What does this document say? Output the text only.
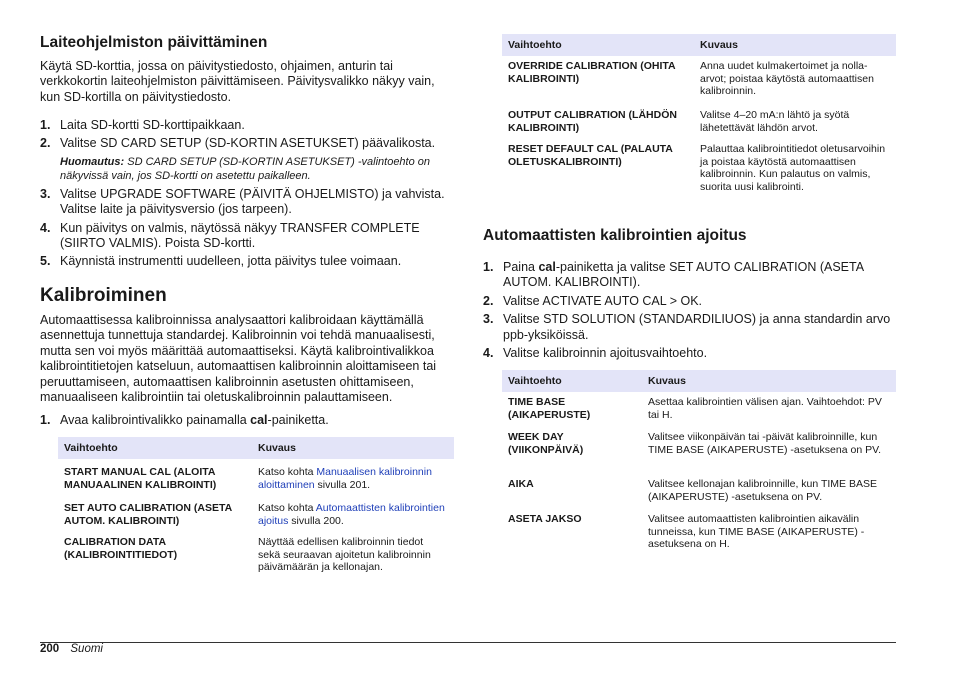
Laiteohjelmiston päivittäminen

Käytä SD-korttia, jossa on päivitystiedosto, ohjaimen, anturin tai verkkokortin laiteohjelmiston päivittämiseen. Päivitysvalikko näkyy vain, kun SD-kortilla on päivitystiedosto.

1. Laita SD-kortti SD-korttipaikkaan.
2. Valitse SD CARD SETUP (SD-KORTIN ASETUKSET) päävalikosta.
Huomautus: SD CARD SETUP (SD-KORTIN ASETUKSET) -valintoehto on näkyvissä vain, jos SD-kortti on asetettu paikalleen.
3. Valitse UPGRADE SOFTWARE (PÄIVITÄ OHJELMISTO) ja vahvista. Valitse laite ja päivitysversio (jos tarpeen).
4. Kun päivitys on valmis, näytössä näkyy TRANSFER COMPLETE (SIIRTO VALMIS). Poista SD-kortti.
5. Käynnistä instrumentti uudelleen, jotta päivitys tulee voimaan.
Kalibroiminen

Automaattisessa kalibroinnissa analysaattori kalibroidaan käyttämällä asennettuja tunnettuja standardej. Kalibroinnin voi tehdä manuaalisesti, mutta sen voi myös määrittää automaattiseksi. Käytä kalibrointivalikkoa kalibrointitietojen katseluun, automaattisen kalibroinnin aloittamiseen tai peruuttamiseen, automaattisen kalibroinnin asetusten ohittamiseen, manuaaliseen kalibrointiin tai oletuskalibroinnin palauttamiseen.

1. Avaa kalibrointivalikko painamalla cal-painiketta.
Vaihtoehto	Kuvaus
START MANUAL CAL (ALOITA MANUAALINEN KALIBROINTI)	Katso kohta Manuaalisen kalibroinnin aloittaminen sivulla 201.
SET AUTO CALIBRATION (ASETA AUTOM. KALIBROINTI)	Katso kohta Automaattisten kalibrointien ajoitus sivulla 200.
CALIBRATION DATA (KALIBROINTITIEDOT)	Näyttää edellisen kalibroinnin tiedot sekä seuraavan ajoitetun kalibroinnin päivämäärän ja kellonajan.
Vaihtoehto	Kuvaus
OVERRIDE CALIBRATION (OHITA KALIBROINTI)	Anna uudet kulmakertoimet ja nolla-arvot; poistaa käytöstä automaattisen kalibroinnin.
OUTPUT CALIBRATION (LÄHDÖN KALIBROINTI)	Valitse 4–20 mA:n lähtö ja syötä lähetettävät lähdön arvot.
RESET DEFAULT CAL (PALAUTA OLETUSKALIBROINTI)	Palauttaa kalibrointitiedot oletusarvoihin ja poistaa käytöstä automaattisen kalibroinnin. Kun palautus on valmis, suorita uusi kalibrointi.
Automaattisten kalibrointien ajoitus
1. Paina cal-painiketta ja valitse SET AUTO CALIBRATION (ASETA AUTOM. KALIBROINTI).
2. Valitse ACTIVATE AUTO CAL > OK.
3. Valitse STD SOLUTION (STANDARDILIUOS) ja anna standardin arvo ppb-yksiköissä.
4. Valitse kalibroinnin ajoitusvaihtoehto.
Vaihtoehto	Kuvaus
TIME BASE (AIKAPERUSTE)	Asettaa kalibrointien välisen ajan. Vaihtoehdot: PV tai H.
WEEK DAY (VIIKONPÄIVÄ)	Valitsee viikonpäivän tai -päivät kalibroinnille, kun TIME BASE (AIKAPERUSTE) -asetuksena on PV.
AIKA	Valitsee kellonajan kalibroinnille, kun TIME BASE (AIKAPERUSTE) -asetuksena on PV.
ASETA JAKSO	Valitsee automaattisten kalibrointien aikavälin tunneissa, kun TIME BASE (AIKAPERUSTE) -asetuksena on H.
200 Suomi
